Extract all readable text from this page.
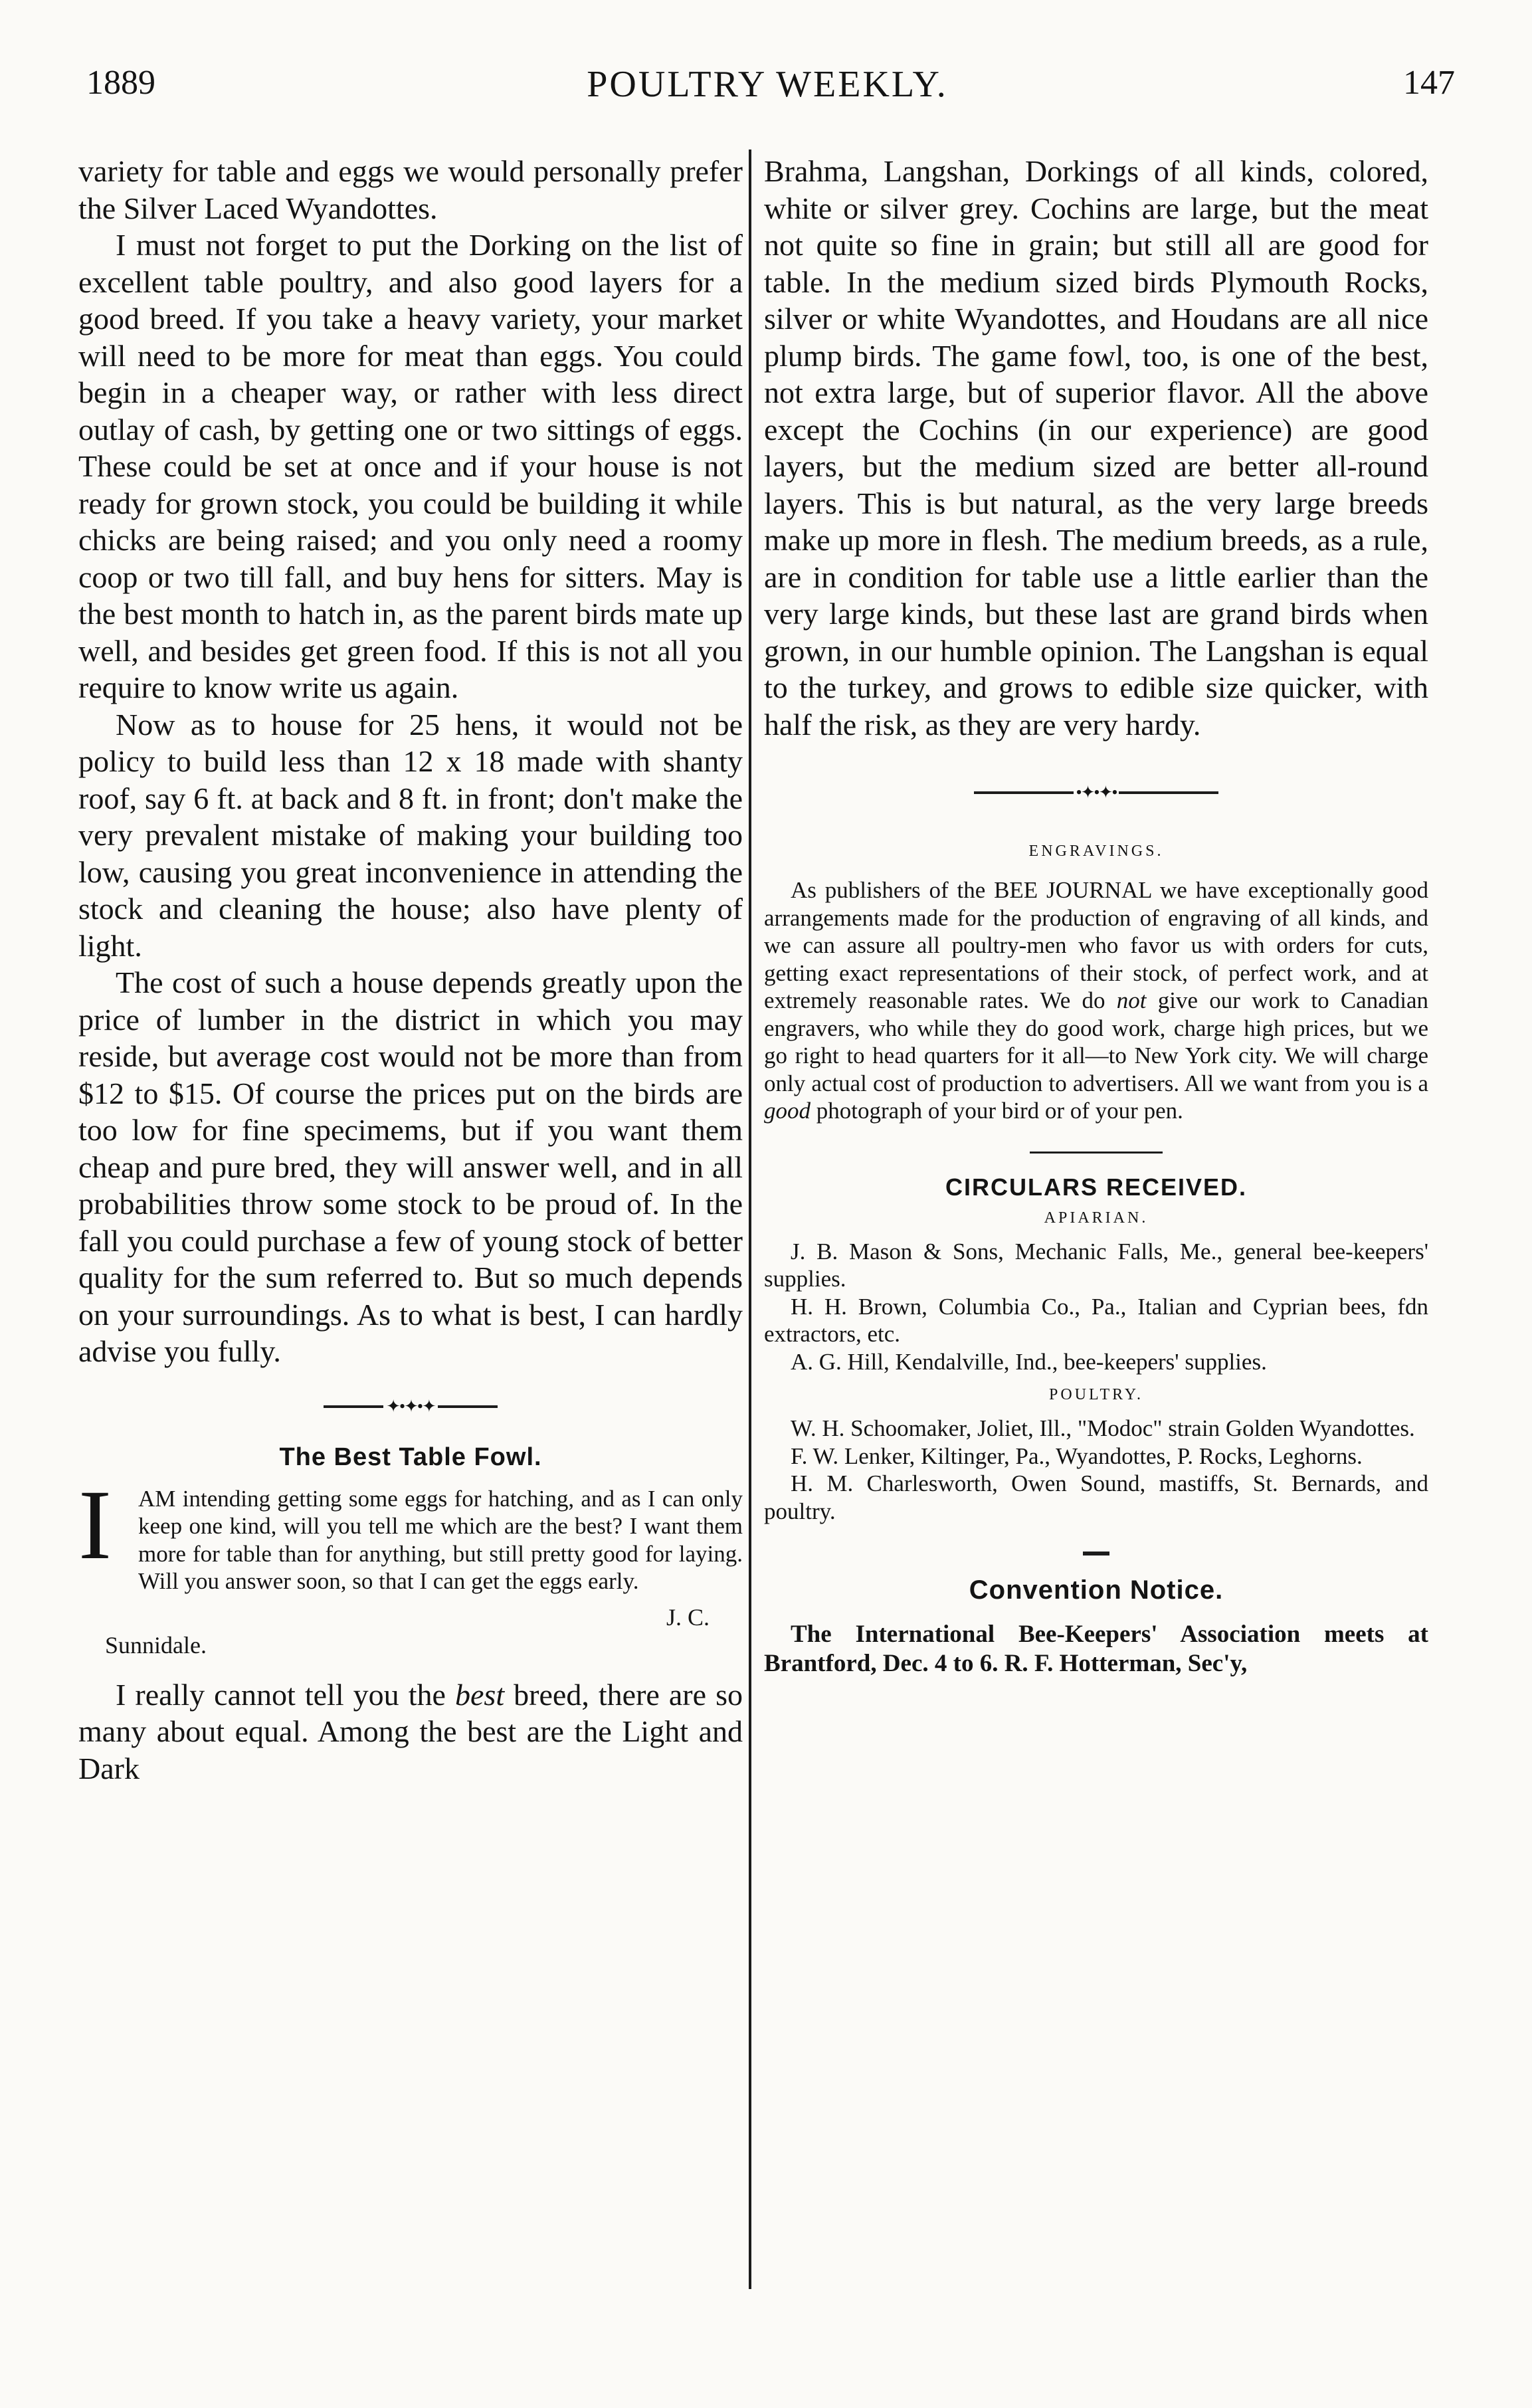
1889	POULTRY WEEKLY.	147

variety for table and eggs we would personally prefer the Silver Laced Wyandottes.

I must not forget to put the Dorking on the list of excellent table poultry, and also good layers for a good breed. If you take a heavy variety, your market will need to be more for meat than eggs. You could begin in a cheaper way, or rather with less direct outlay of cash, by getting one or two sittings of eggs. These could be set at once and if your house is not ready for grown stock, you could be building it while chicks are being raised; and you only need a roomy coop or two till fall, and buy hens for sitters. May is the best month to hatch in, as the parent birds mate up well, and besides get green food. If this is not all you require to know write us again.

Now as to house for 25 hens, it would not be policy to build less than 12 x 18 made with shanty roof, say 6 ft. at back and 8 ft. in front; don't make the very prevalent mistake of making your building too low, causing you great inconvenience in attending the stock and cleaning the house; also have plenty of light.

The cost of such a house depends greatly upon the price of lumber in the district in which you may reside, but average cost would not be more than from $12 to $15. Of course the prices put on the birds are too low for fine specimems, but if you want them cheap and pure bred, they will answer well, and in all probabilities throw some stock to be proud of. In the fall you could purchase a few of young stock of better quality for the sum referred to. But so much depends on your surroundings. As to what is best, I can hardly advise you fully.

✦•✦•✦

The Best Table Fowl.

I	AM intending getting some eggs for hatching, and as I can only keep one kind, will you tell me which are the best? I want them more for table than for anything, but still pretty good for laying. Will you answer soon, so that I can get the eggs early.

J. C.

Sunnidale.

I really cannot tell you the best breed, there are so many about equal. Among the best are the Light and Dark

Brahma, Langshan, Dorkings of all kinds, colored, white or silver grey. Cochins are large, but the meat not quite so fine in grain; but still all are good for table. In the medium sized birds Plymouth Rocks, silver or white Wyandottes, and Houdans are all nice plump birds. The game fowl, too, is one of the best, not extra large, but of superior flavor. All the above except the Cochins (in our experience) are good layers, but the medium sized are better all-round layers. This is but natural, as the very large breeds make up more in flesh. The medium breeds, as a rule, are in condition for table use a little earlier than the very large kinds, but these last are grand birds when grown, in our humble opinion. The Langshan is equal to the turkey, and grows to edible size quicker, with half the risk, as they are very hardy.

•✦•✦•

ENGRAVINGS.

As publishers of the BEE JOURNAL we have exceptionally good arrangements made for the production of engraving of all kinds, and we can assure all poultry-men who favor us with orders for cuts, getting exact representations of their stock, of perfect work, and at extremely reasonable rates. We do not give our work to Canadian engravers, who while they do good work, charge high prices, but we go right to head quarters for it all—to New York city. We will charge only actual cost of production to advertisers. All we want from you is a good photograph of your bird or of your pen.

CIRCULARS RECEIVED.

APIARIAN.

J. B. Mason & Sons, Mechanic Falls, Me., general bee-keepers' supplies.

H. H. Brown, Columbia Co., Pa., Italian and Cyprian bees, fdn extractors, etc.

A. G. Hill, Kendalville, Ind., bee-keepers' supplies.

POULTRY.

W. H. Schoomaker, Joliet, Ill., "Modoc" strain Golden Wyandottes.

F. W. Lenker, Kiltinger, Pa., Wyandottes, P. Rocks, Leghorns.

H. M. Charlesworth, Owen Sound, mastiffs, St. Bernards, and poultry.

Convention Notice.

The International Bee-Keepers' Association meets at Brantford, Dec. 4 to 6. R. F. Hotterman, Sec'y,
